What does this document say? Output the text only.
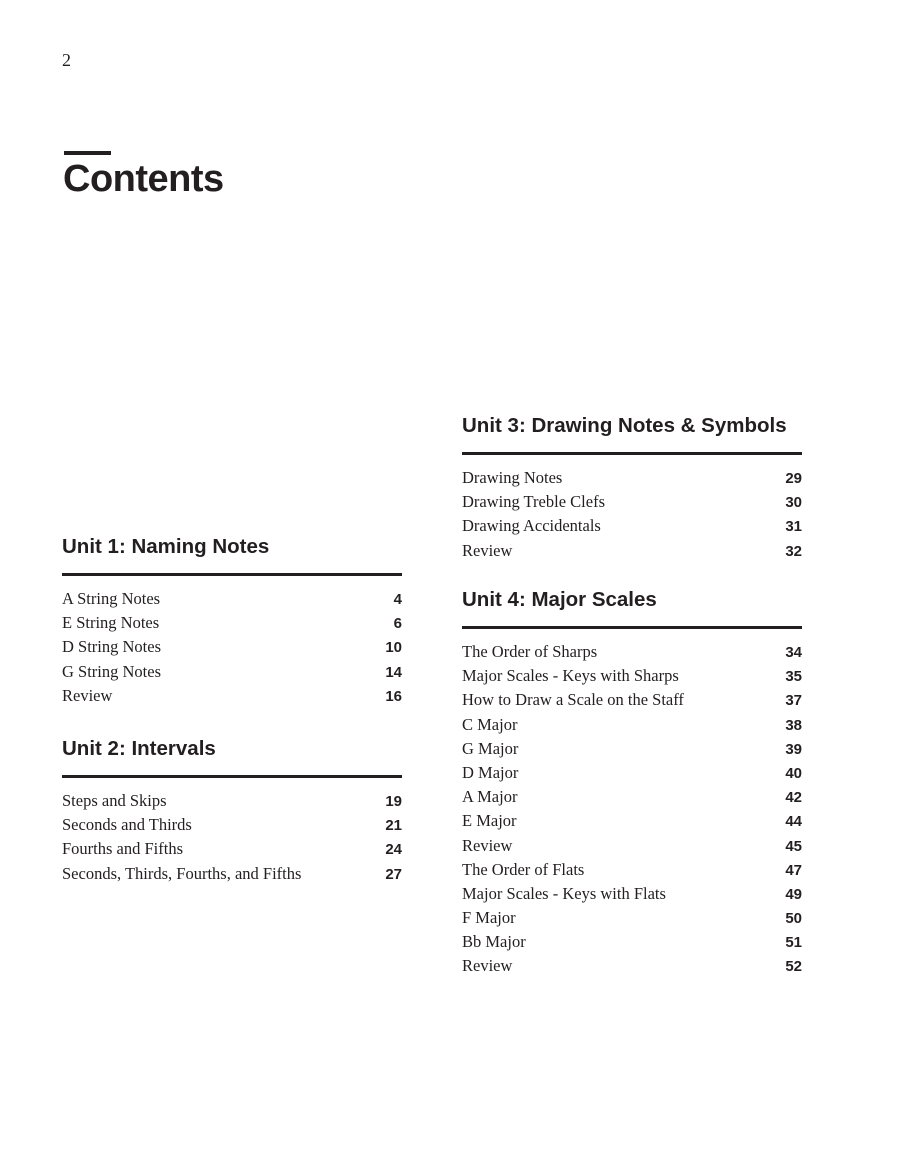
2
Contents
Unit 1: Naming Notes
A String Notes	4
E String Notes	6
D String Notes	10
G String Notes	14
Review	16
Unit 2: Intervals
Steps and Skips	19
Seconds and Thirds	21
Fourths and Fifths	24
Seconds, Thirds, Fourths, and Fifths	27
Unit 3: Drawing Notes & Symbols
Drawing Notes	29
Drawing Treble Clefs	30
Drawing Accidentals	31
Review	32
Unit 4: Major Scales
The Order of Sharps	34
Major Scales - Keys with Sharps	35
How to Draw a Scale on the Staff	37
C Major	38
G Major	39
D Major	40
A Major	42
E Major	44
Review	45
The Order of Flats	47
Major Scales - Keys with Flats	49
F Major	50
Bb Major	51
Review	52
